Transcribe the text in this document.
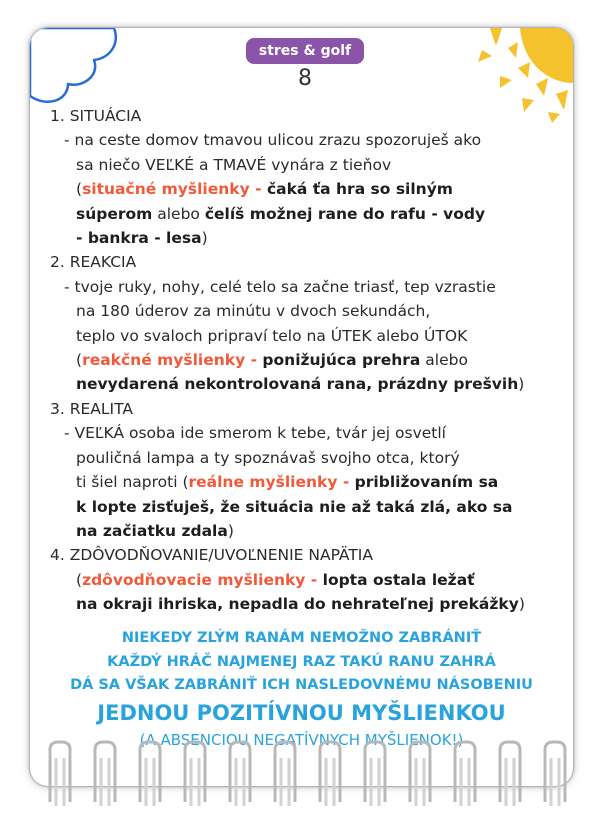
stres & golf
8
1. SITUÁCIA
- na ceste domov tmavou ulicou zrazu spozoruješ ako
sa niečo VEĽKÉ a TMAVÉ vynára z tieňov
(situačné myšlienky - čaká ťa hra so silným
súperom alebo čelíš možnej rane do rafu - vody
- bankra - lesa)
2. REAKCIA
- tvoje ruky, nohy, celé telo sa začne triasť, tep vzrastie
na 180 úderov za minútu v dvoch sekundách,
teplo vo svaloch pripraví telo na ÚTEK alebo ÚTOK
(reakčné myšlienky - ponižujúca prehra alebo
nevydarená nekontrolovaná rana, prázdny prešvih)
3. REALITA
- VEĽKÁ osoba ide smerom k tebe, tvár jej osvetlí
pouličná lampa a ty spoznávaš svojho otca, ktorý
ti šiel naproti (reálne myšlienky - približovaním sa
k lopte zisťuješ, že situácia nie až taká zlá, ako sa
na začiatku zdala)
4. ZDÔVODŇOVANIE/UVOĽNENIE NAPÄTIA
(zdôvodňovacie myšlienky - lopta ostala ležať
na okraji ihriska, nepadla do nehrateľnej prekážky)
NIEKEDY ZLÝM RANÁM NEMOŽNO ZABRÁNIŤ
KAŽDÝ HRÁČ NAJMENEJ RAZ TAKÚ RANU ZAHRÁ
DÁ SA VŠAK ZABRÁNIŤ ICH NASLEDOVNÉMU NÁSOBENIU
JEDNOU POZITÍVNOU MYŠLIENKOU
(A ABSENCIOU NEGATÍVNYCH MYŠLIENOK!)
